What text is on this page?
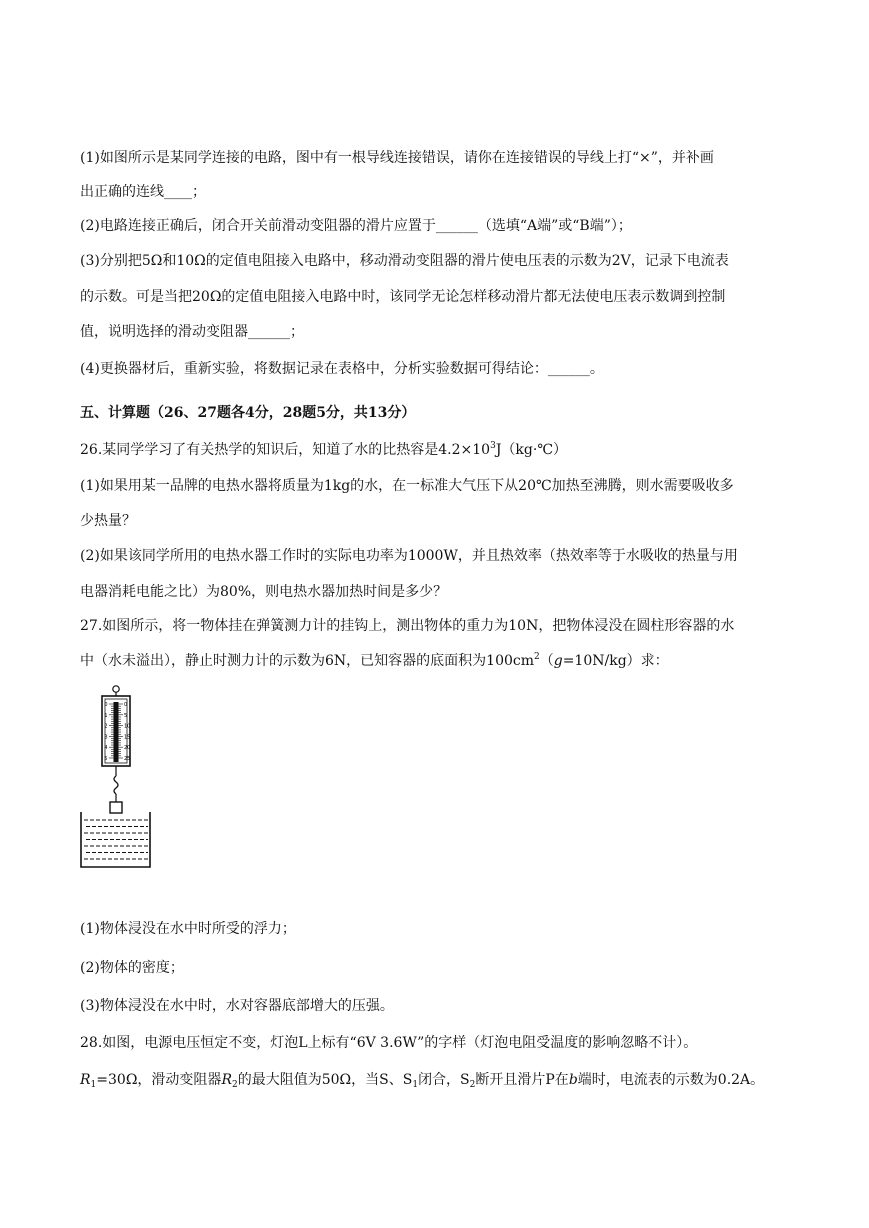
(1)如图所示是某同学连接的电路，图中有一根导线连接错误，请你在连接错误的导线上打“×”，并补画
出正确的连线____；
(2)电路连接正确后，闭合开关前滑动变阻器的滑片应置于______（选填“A端”或“B端”）；
(3)分别把5Ω和10Ω的定值电阻接入电路中，移动滑动变阻器的滑片使电压表的示数为2V，记录下电流表
的示数。可是当把20Ω的定值电阻接入电路中时，该同学无论怎样移动滑片都无法使电压表示数调到控制
值，说明选择的滑动变阻器______；
(4)更换器材后，重新实验，将数据记录在表格中，分析实验数据可得结论：______。
五、计算题（26、27题各4分，28题5分，共13分）
26.某同学学习了有关热学的知识后，知道了水的比热容是$4.2\times 10^3J(kg\cdot℃)$
(1)如果用某一品牌的电热水器将质量为1kg的水，在一标准大气压下从20℃加热至沸腾，则水需要吸收多
少热量？
(2)如果该同学所用的电热水器工作时的实际电功率为1000W，并且热效率（热效率等于水吸收的热量与用
电器消耗电能之比）为80%，则电热水器加热时间是多少？
27.如图所示，将一物体挂在弹簧测力计的挂钩上，测出物体的重力为10N，把物体浸没在圆柱形容器的水
中（水未溢出），静止时测力计的示数为6N，已知容器的底面积为$100cm^2(g=10N/kg)$求：
0
1
2
3
4
5
0
5
10
15
20
25
(1)物体浸没在水中时所受的浮力；
(2)物体的密度；
(3)物体浸没在水中时，水对容器底部增大的压强。
28.如图，电源电压恒定不变，灯泡L上标有“6V 3.6W”的字样（灯泡电阻受温度的影响忽略不计）。
$R_1=30\Omega$，滑动变阻器$R_2$的最大阻值为50Ω，当S、$S_1$闭合，$S_2$断开且滑片P在b端时，电流表的示数为0.2A。
